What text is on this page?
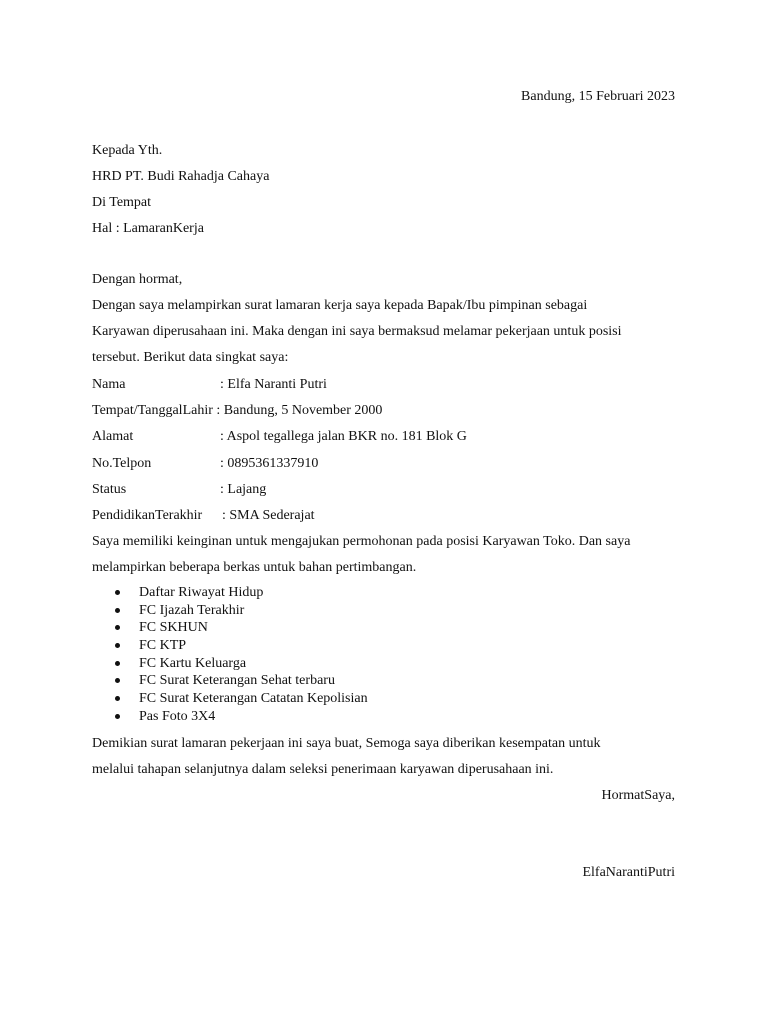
Bandung, 15 Februari 2023
Kepada Yth.
HRD PT. Budi Rahadja Cahaya
Di Tempat
Hal : LamaranKerja
Dengan hormat,
Dengan saya melampirkan surat lamaran kerja saya kepada Bapak/Ibu pimpinan sebagai
Karyawan diperusahaan ini. Maka dengan ini saya bermaksud melamar pekerjaan untuk posisi
tersebut. Berikut data singkat saya:
Nama	: Elfa Naranti Putri
Tempat/TanggalLahir : Bandung, 5 November 2000
Alamat	: Aspol tegallega jalan BKR no. 181 Blok G
No.Telpon	: 0895361337910
Status	: Lajang
PendidikanTerakhir : SMA Sederajat
Saya memiliki keinginan untuk mengajukan permohonan pada posisi Karyawan Toko. Dan saya
melampirkan beberapa berkas untuk bahan pertimbangan.
Daftar Riwayat Hidup
FC Ijazah Terakhir
FC SKHUN
FC KTP
FC Kartu Keluarga
FC Surat Keterangan Sehat terbaru
FC Surat Keterangan Catatan Kepolisian
Pas Foto 3X4
Demikian surat lamaran pekerjaan ini saya buat, Semoga saya diberikan kesempatan untuk
melalui tahapan selanjutnya dalam seleksi penerimaan karyawan diperusahaan ini.
HormatSaya,
ElfaNarantiPutri
